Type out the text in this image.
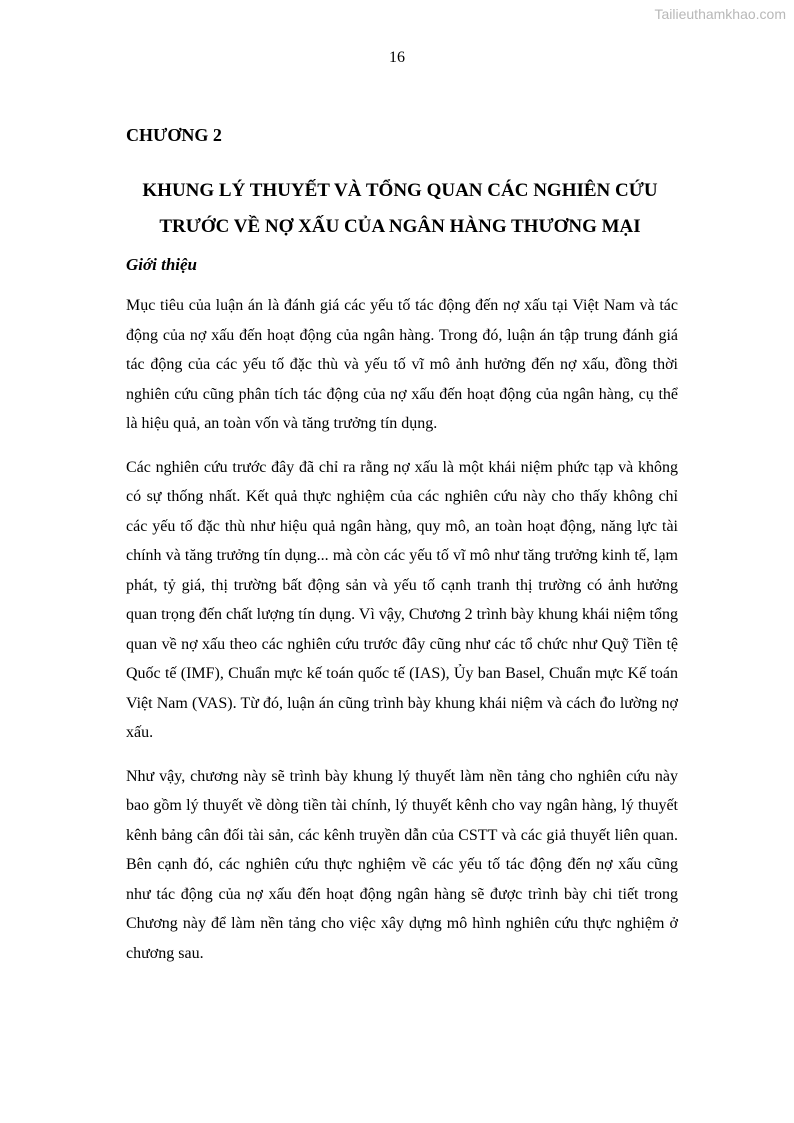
Tailieuthamkhao.com
16
CHƯƠNG 2
KHUNG LÝ THUYẾT VÀ TỔNG QUAN CÁC NGHIÊN CỨU
TRƯỚC VỀ NỢ XẤU CỦA NGÂN HÀNG THƯƠNG MẠI
Giới thiệu

Mục tiêu của luận án là đánh giá các yếu tố tác động đến nợ xấu tại Việt Nam và tác động của nợ xấu đến hoạt động của ngân hàng. Trong đó, luận án tập trung đánh giá tác động của các yếu tố đặc thù và yếu tố vĩ mô ảnh hưởng đến nợ xấu, đồng thời nghiên cứu cũng phân tích tác động của nợ xấu đến hoạt động của ngân hàng, cụ thể là hiệu quả, an toàn vốn và tăng trưởng tín dụng.

Các nghiên cứu trước đây đã chỉ ra rằng nợ xấu là một khái niệm phức tạp và không có sự thống nhất. Kết quả thực nghiệm của các nghiên cứu này cho thấy không chỉ các yếu tố đặc thù như hiệu quả ngân hàng, quy mô, an toàn hoạt động, năng lực tài chính và tăng trưởng tín dụng... mà còn các yếu tố vĩ mô như tăng trưởng kinh tế, lạm phát, tỷ giá, thị trường bất động sản và yếu tố cạnh tranh thị trường có ảnh hưởng quan trọng đến chất lượng tín dụng. Vì vậy, Chương 2 trình bày khung khái niệm tổng quan về nợ xấu theo các nghiên cứu trước đây cũng như các tổ chức như Quỹ Tiền tệ Quốc tế (IMF), Chuẩn mực kế toán quốc tế (IAS), Ủy ban Basel, Chuẩn mực Kế toán Việt Nam (VAS). Từ đó, luận án cũng trình bày khung khái niệm và cách đo lường nợ xấu.

Như vậy, chương này sẽ trình bày khung lý thuyết làm nền tảng cho nghiên cứu này bao gồm lý thuyết về dòng tiền tài chính, lý thuyết kênh cho vay ngân hàng, lý thuyết kênh bảng cân đối tài sản, các kênh truyền dẫn của CSTT và các giả thuyết liên quan. Bên cạnh đó, các nghiên cứu thực nghiệm về các yếu tố tác động đến nợ xấu cũng như tác động của nợ xấu đến hoạt động ngân hàng sẽ được trình bày chi tiết trong Chương này để làm nền tảng cho việc xây dựng mô hình nghiên cứu thực nghiệm ở chương sau.
